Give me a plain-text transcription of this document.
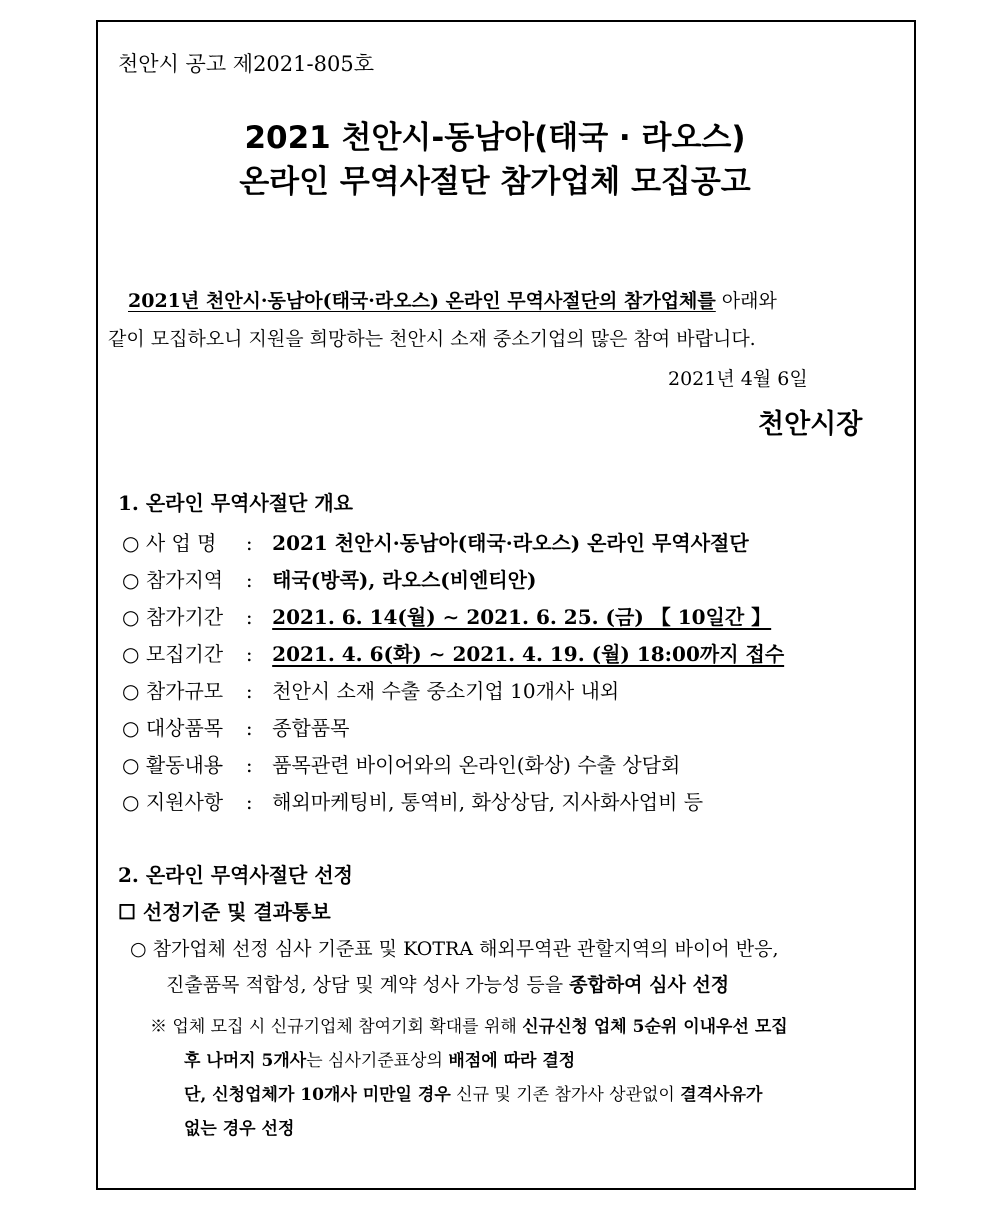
천안시 공고 제2021-805호
2021 천안시-동남아(태국 · 라오스)
온라인 무역사절단 참가업체 모집공고
2021년 천안시·동남아(태국·라오스) 온라인 무역사절단의 참가업체를 아래와
같이 모집하오니 지원을 희망하는 천안시 소재 중소기업의 많은 참여 바랍니다.
2021년 4월 6일
천안시장
1. 온라인 무역사절단 개요
○ 사 업 명 : 2021 천안시·동남아(태국·라오스) 온라인 무역사절단
○ 참가지역 : 태국(방콕), 라오스(비엔티안)
○ 참가기간 : 2021. 6. 14(월) ∼ 2021. 6. 25. (금) 【 10일간 】
○ 모집기간 : 2021. 4. 6(화) ∼ 2021. 4. 19. (월) 18:00까지 접수
○ 참가규모 : 천안시 소재 수출 중소기업 10개사 내외
○ 대상품목 : 종합품목
○ 활동내용 : 품목관련 바이어와의 온라인(화상) 수출 상담회
○ 지원사항 : 해외마케팅비, 통역비, 화상상담, 지사화사업비 등
2. 온라인 무역사절단 선정
☐ 선정기준 및 결과통보
○ 참가업체 선정 심사 기준표 및 KOTRA 해외무역관 관할지역의 바이어 반응,
진출품목 적합성, 상담 및 계약 성사 가능성 등을 종합하여 심사 선정
※ 업체 모집 시 신규기업체 참여기회 확대를 위해 신규신청 업체 5순위 이내우선 모집
후 나머지 5개사는 심사기준표상의 배점에 따라 결정
단, 신청업체가 10개사 미만일 경우 신규 및 기존 참가사 상관없이 결격사유가
없는 경우 선정
